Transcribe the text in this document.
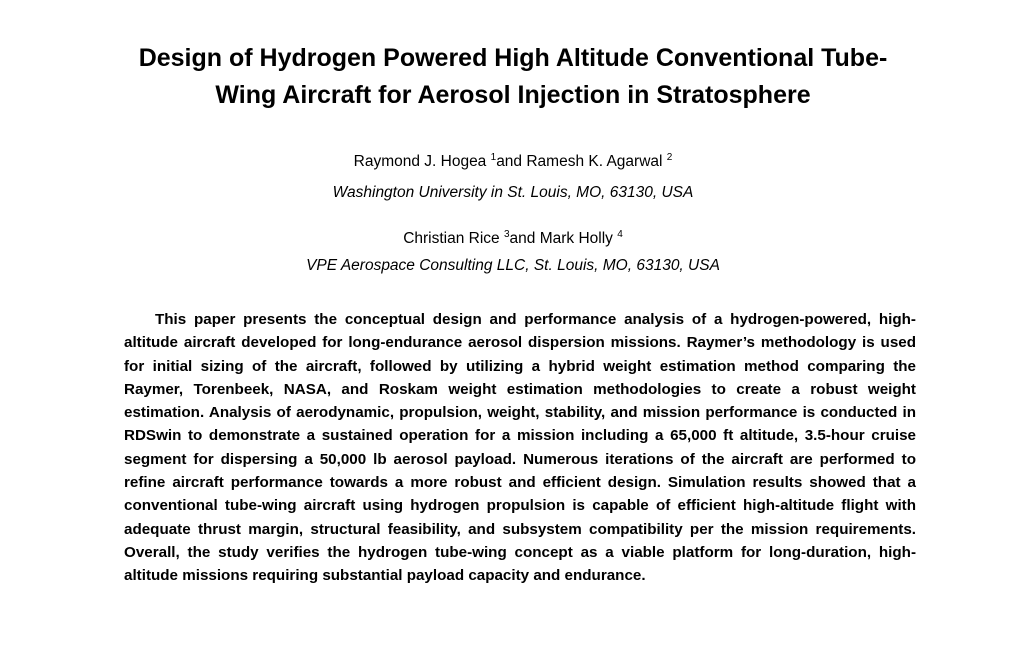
Design of Hydrogen Powered High Altitude Conventional Tube-
Wing Aircraft for Aerosol Injection in Stratosphere

Raymond J. Hogea $^1$and Ramesh K. Agarwal $^2$

Washington University in St. Louis, MO, 63130, USA

Christian Rice $^3$and Mark Holly $^4$

VPE Aerospace Consulting LLC, St. Louis, MO, 63130, USA

This paper presents the conceptual design and performance analysis of a hydrogen-powered, high-altitude aircraft developed for long-endurance aerosol dispersion missions. Raymer’s methodology is used for initial sizing of the aircraft, followed by utilizing a hybrid weight estimation method comparing the Raymer, Torenbeek, NASA, and Roskam weight estimation methodologies to create a robust weight estimation. Analysis of aerodynamic, propulsion, weight, stability, and mission performance is conducted in RDSwin to demonstrate a sustained operation for a mission including a 65,000 ft altitude, 3.5-hour cruise segment for dispersing a 50,000 lb aerosol payload. Numerous iterations of the aircraft are performed to refine aircraft performance towards a more robust and efficient design. Simulation results showed that a conventional tube-wing aircraft using hydrogen propulsion is capable of efficient high-altitude flight with adequate thrust margin, structural feasibility, and subsystem compatibility per the mission requirements. Overall, the study verifies the hydrogen tube-wing concept as a viable platform for long-duration, high-altitude missions requiring substantial payload capacity and endurance.
